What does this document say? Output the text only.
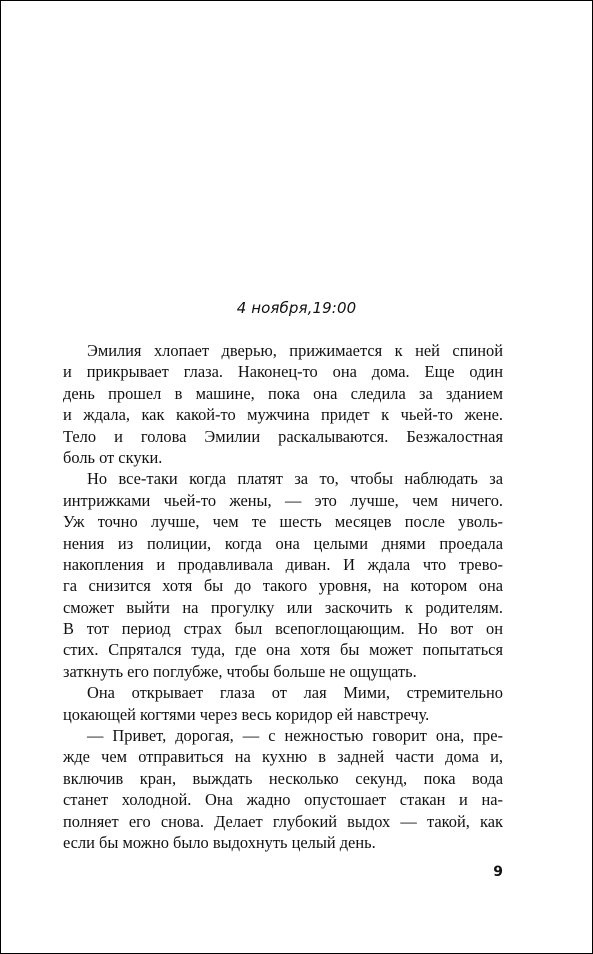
4 ноября,19:00
Эмилия хлопает дверью, прижимается к ней спиной
и прикрывает глаза. Наконец-то она дома. Еще один
день прошел в машине, пока она следила за зданием
и ждала, как какой-то мужчина придет к чьей-то жене.
Тело и голова Эмилии раскалываются. Безжалостная
боль от скуки.
Но все-таки когда платят за то, чтобы наблюдать за
интрижками чьей-то жены, — это лучше, чем ничего.
Уж точно лучше, чем те шесть месяцев после уволь-
нения из полиции, когда она целыми днями проедала
накопления и продавливала диван. И ждала что трево-
га снизится хотя бы до такого уровня, на котором она
сможет выйти на прогулку или заскочить к родителям.
В тот период страх был всепоглощающим. Но вот он
стих. Спрятался туда, где она хотя бы может попытаться
заткнуть его поглубже, чтобы больше не ощущать.
Она открывает глаза от лая Мими, стремительно
цокающей когтями через весь коридор ей навстречу.
— Привет, дорогая, — с нежностью говорит она, пре-
жде чем отправиться на кухню в задней части дома и,
включив кран, выждать несколько секунд, пока вода
станет холодной. Она жадно опустошает стакан и на-
полняет его снова. Делает глубокий выдох — такой, как
если бы можно было выдохнуть целый день.
9
